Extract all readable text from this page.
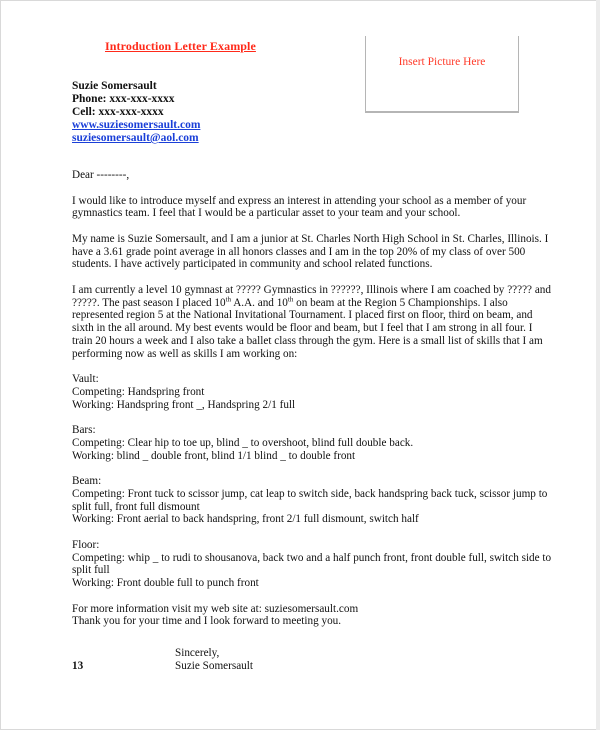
Introduction Letter Example
Insert Picture Here
Suzie Somersault
Phone: xxx-xxx-xxxx
Cell: xxx-xxx-xxxx
www.suziesomersault.com
suziesomersault@aol.com

Dear --------,

I would like to introduce myself and express an interest in attending your school as a member of your
gymnastics team. I feel that I would be a particular asset to your team and your school.

My name is Suzie Somersault, and I am a junior at St. Charles North High School in St. Charles, Illinois. I
have a 3.61 grade point average in all honors classes and I am in the top 20% of my class of over 500
students. I have actively participated in community and school related functions.

I am currently a level 10 gymnast at ????? Gymnastics in ??????, Illinois where I am coached by ????? and
?????. The past season I placed 10th A.A. and 10th on beam at the Region 5 Championships. I also
represented region 5 at the National Invitational Tournament. I placed first on floor, third on beam, and
sixth in the all around. My best events would be floor and beam, but I feel that I am strong in all four. I
train 20 hours a week and I also take a ballet class through the gym. Here is a small list of skills that I am
performing now as well as skills I am working on:

Vault:
Competing: Handspring front
Working: Handspring front _, Handspring 2/1 full

Bars:
Competing: Clear hip to toe up, blind _ to overshoot, blind full double back.
Working: blind _ double front, blind 1/1 blind _ to double front

Beam:
Competing: Front tuck to scissor jump, cat leap to switch side, back handspring back tuck, scissor jump to
split full, front full dismount
Working: Front aerial to back handspring, front 2/1 full dismount, switch half

Floor:
Competing: whip _ to rudi to shousanova, back two and a half punch front, front double full, switch side to
split full
Working: Front double full to punch front

For more information visit my web site at: suziesomersault.com
Thank you for your time and I look forward to meeting you.

Sincerely,
Suzie Somersault
13
